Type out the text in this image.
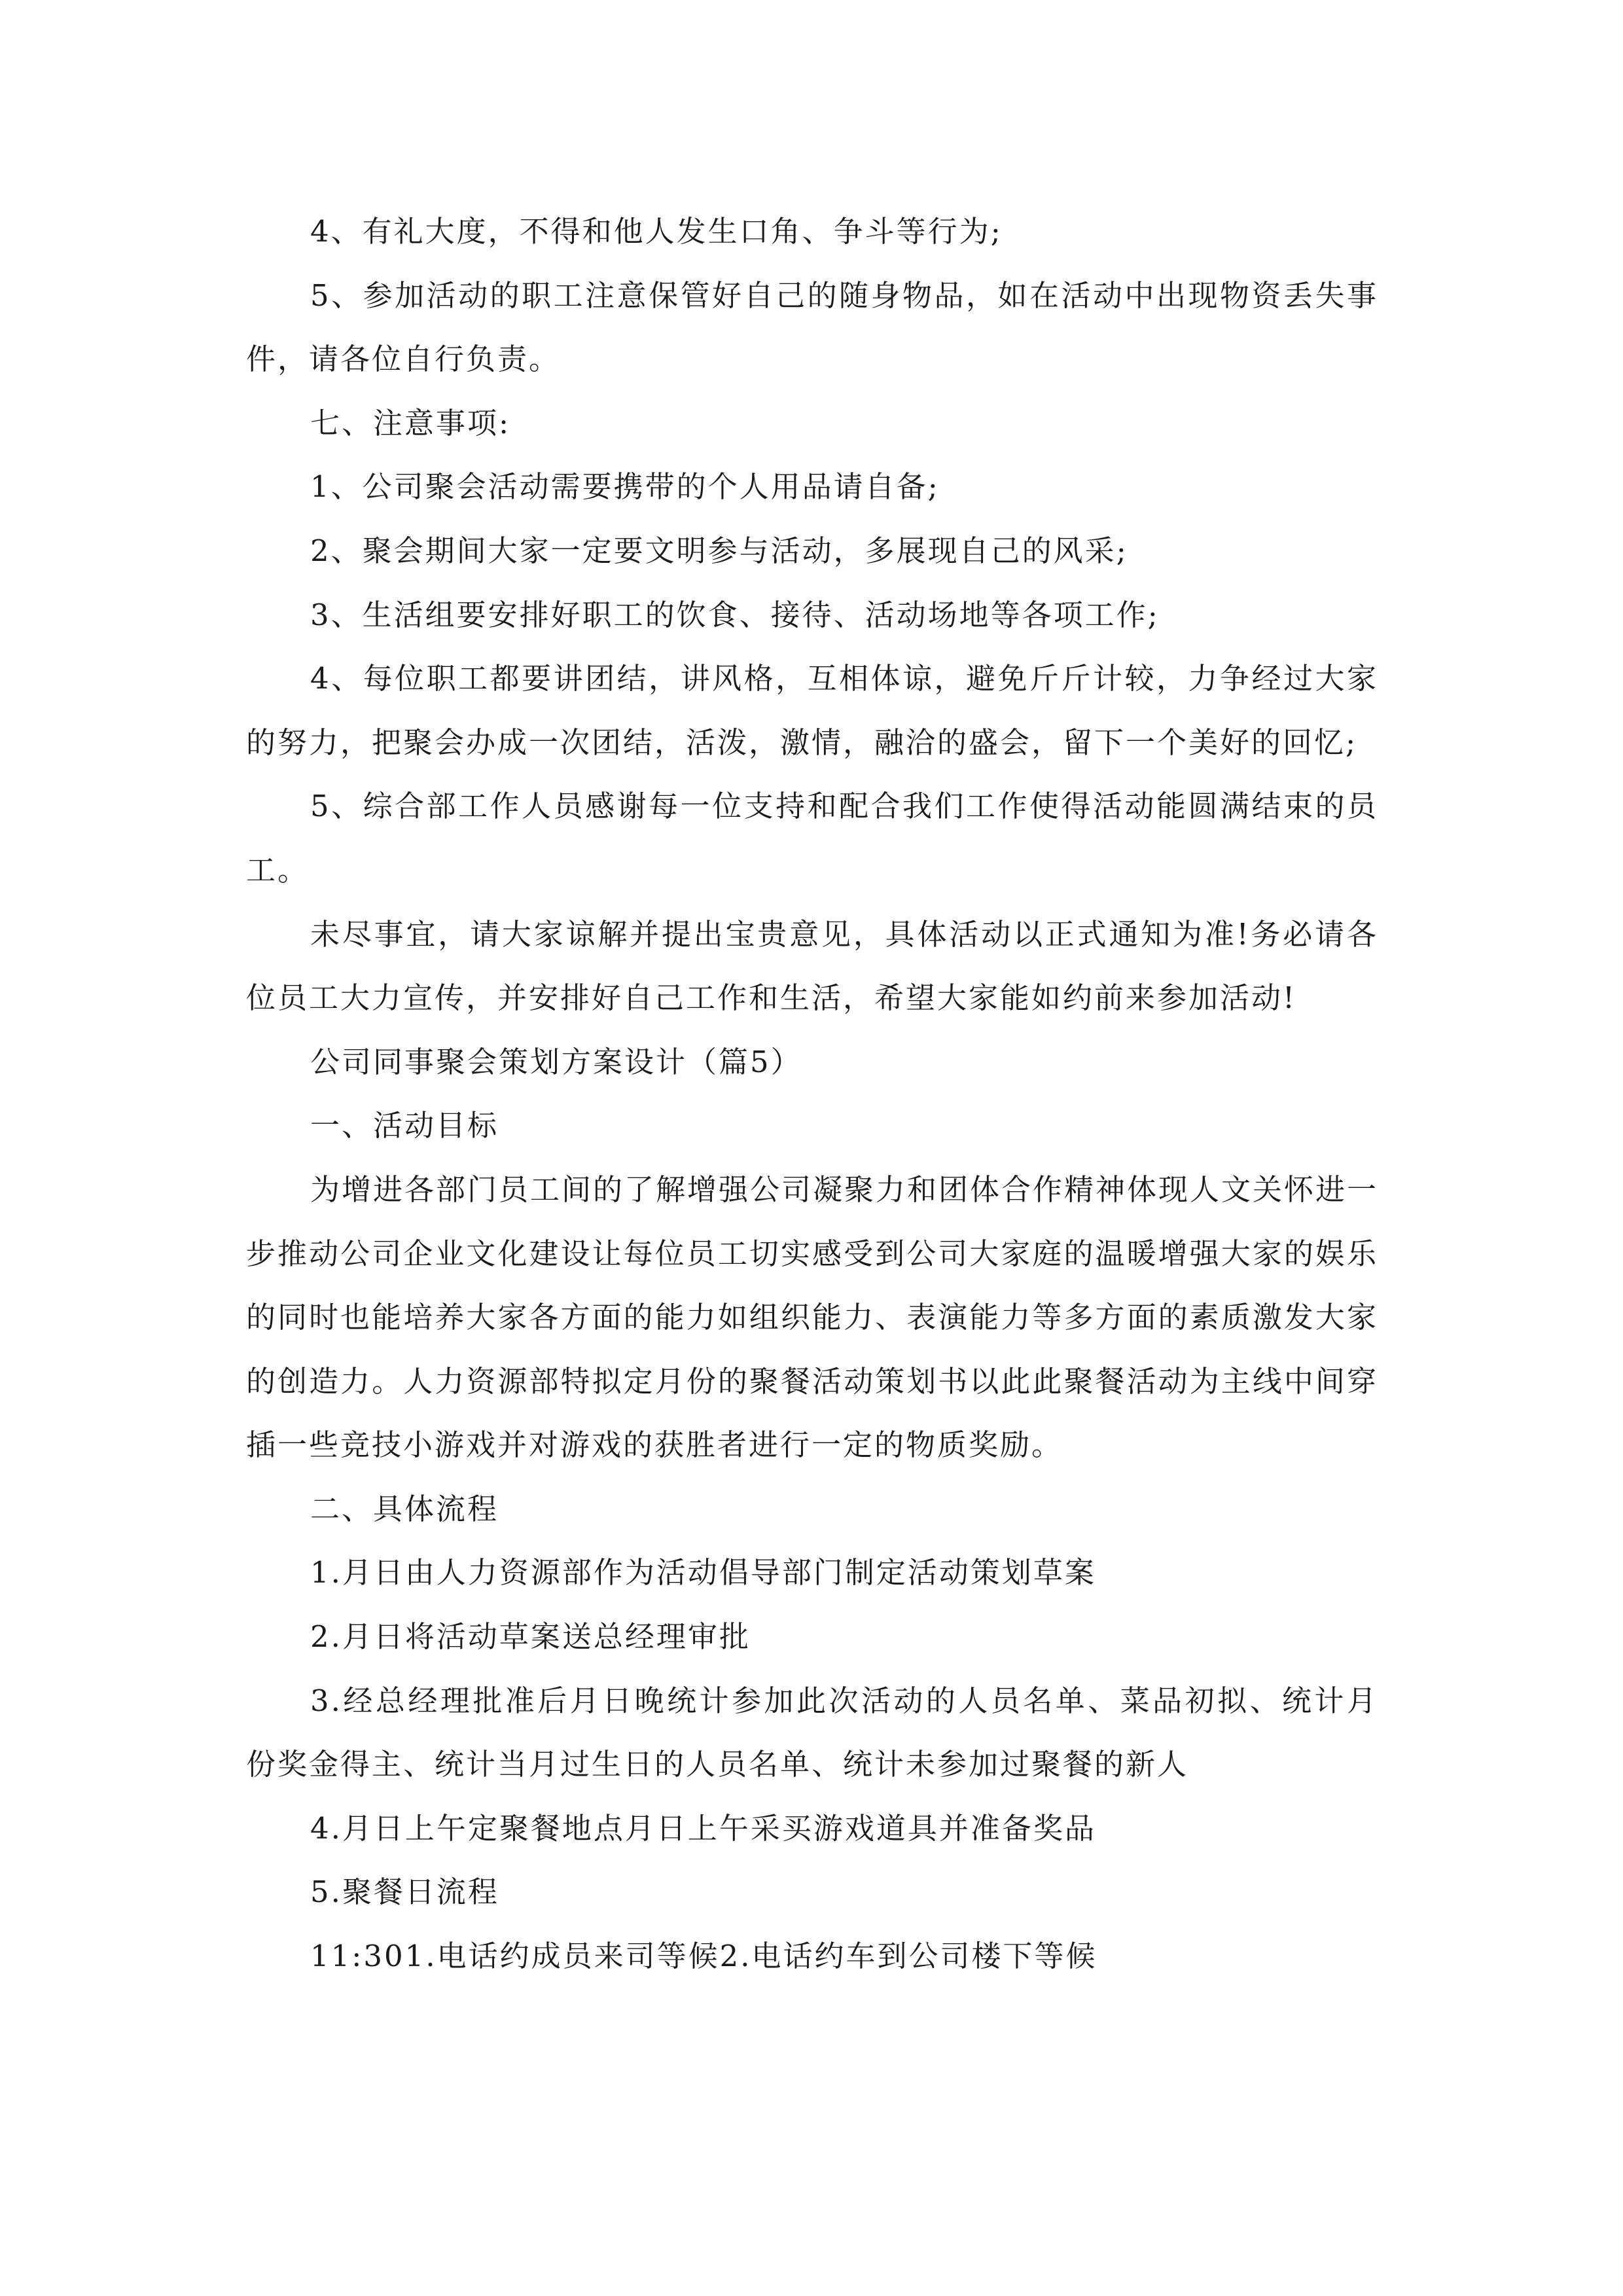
4、有礼大度，不得和他人发生口角、争斗等行为;

5、参加活动的职工注意保管好自己的随身物品，如在活动中出现物资丢失事件，请各位自行负责。

七、注意事项:

1、公司聚会活动需要携带的个人用品请自备;

2、聚会期间大家一定要文明参与活动，多展现自己的风采;

3、生活组要安排好职工的饮食、接待、活动场地等各项工作;

4、每位职工都要讲团结，讲风格，互相体谅，避免斤斤计较，力争经过大家的努力，把聚会办成一次团结，活泼，激情，融洽的盛会，留下一个美好的回忆;

5、综合部工作人员感谢每一位支持和配合我们工作使得活动能圆满结束的员工。

未尽事宜，请大家谅解并提出宝贵意见，具体活动以正式通知为准!务必请各位员工大力宣传，并安排好自己工作和生活，希望大家能如约前来参加活动!

公司同事聚会策划方案设计（篇5）

一、活动目标

为增进各部门员工间的了解增强公司凝聚力和团体合作精神体现人文关怀进一步推动公司企业文化建设让每位员工切实感受到公司大家庭的温暖增强大家的娱乐的同时也能培养大家各方面的能力如组织能力、表演能力等多方面的素质激发大家的创造力。人力资源部特拟定月份的聚餐活动策划书以此此聚餐活动为主线中间穿插一些竞技小游戏并对游戏的获胜者进行一定的物质奖励。

二、具体流程

1.月日由人力资源部作为活动倡导部门制定活动策划草案

2.月日将活动草案送总经理审批

3.经总经理批准后月日晚统计参加此次活动的人员名单、菜品初拟、统计月份奖金得主、统计当月过生日的人员名单、统计未参加过聚餐的新人

4.月日上午定聚餐地点月日上午采买游戏道具并准备奖品

5.聚餐日流程

11:301.电话约成员来司等候2.电话约车到公司楼下等候
